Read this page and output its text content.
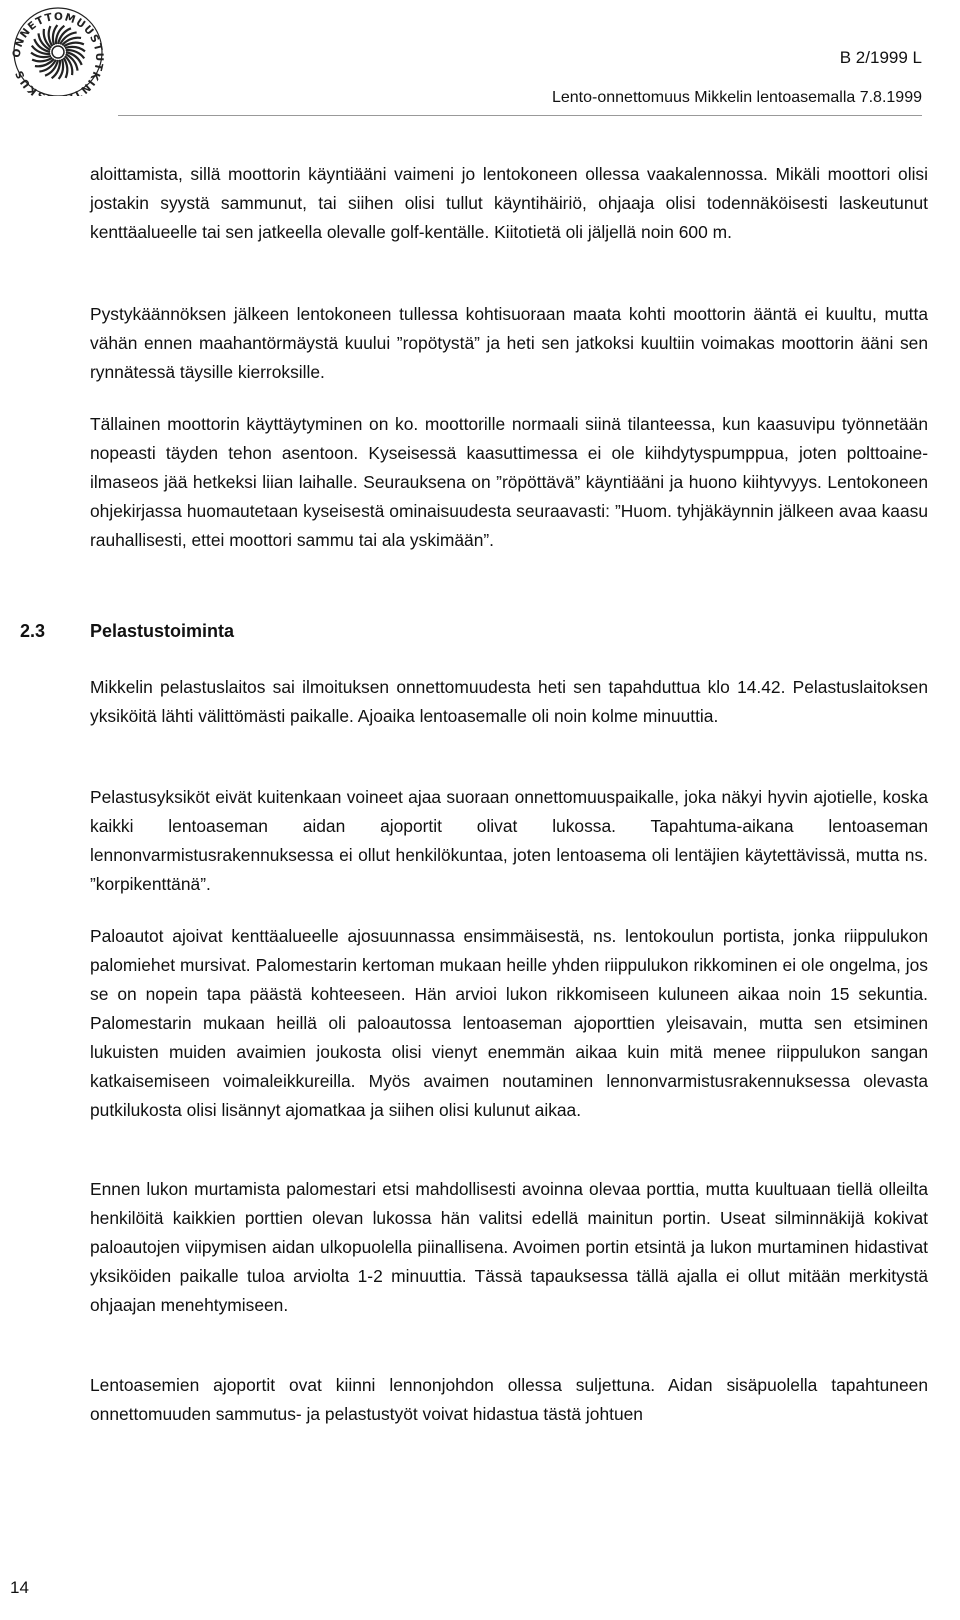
ONNETTOMUUSTUTKINT SKUS
B 2/1999 L
Lento-onnettomuus Mikkelin lentoasemalla 7.8.1999

aloittamista, sillä moottorin käyntiääni vaimeni jo lentokoneen ollessa vaakalennossa. Mikäli moottori olisi jostakin syystä sammunut, tai siihen olisi tullut käyntihäiriö, ohjaaja olisi todennäköisesti laskeutunut kenttäalueelle tai sen jatkeella olevalle golf-kentälle. Kiitotietä oli jäljellä noin 600 m.

Pystykäännöksen jälkeen lentokoneen tullessa kohtisuoraan maata kohti moottorin ääntä ei kuultu, mutta vähän ennen maahantörmäystä kuului ”ropötystä” ja heti sen jatkoksi kuultiin voimakas moottorin ääni sen rynnätessä täysille kierroksille.

Tällainen moottorin käyttäytyminen on ko. moottorille normaali siinä tilanteessa, kun kaasuvipu työnnetään nopeasti täyden tehon asentoon. Kyseisessä kaasuttimessa ei ole kiihdytyspumppua, joten polttoaine-ilmaseos jää hetkeksi liian laihalle. Seurauksena on ”röpöttävä” käyntiääni ja huono kiihtyvyys. Lentokoneen ohjekirjassa huomautetaan kyseisestä ominaisuudesta seuraavasti: ”Huom. tyhjäkäynnin jälkeen avaa kaasu rauhallisesti, ettei moottori sammu tai ala yskimään”.

2.3 Pelastustoiminta

Mikkelin pelastuslaitos sai ilmoituksen onnettomuudesta heti sen tapahduttua klo 14.42. Pelastuslaitoksen yksiköitä lähti välittömästi paikalle. Ajoaika lentoasemalle oli noin kolme minuuttia.

Pelastusyksiköt eivät kuitenkaan voineet ajaa suoraan onnettomuuspaikalle, joka näkyi hyvin ajotielle, koska kaikki lentoaseman aidan ajoportit olivat lukossa. Tapahtuma-aikana lentoaseman lennonvarmistusrakennuksessa ei ollut henkilökuntaa, joten lentoasema oli lentäjien käytettävissä, mutta ns. ”korpikenttänä”.

Paloautot ajoivat kenttäalueelle ajosuunnassa ensimmäisestä, ns. lentokoulun portista, jonka riippulukon palomiehet mursivat. Palomestarin kertoman mukaan heille yhden riippulukon rikkominen ei ole ongelma, jos se on nopein tapa päästä kohteeseen. Hän arvioi lukon rikkomiseen kuluneen aikaa noin 15 sekuntia. Palomestarin mukaan heillä oli paloautossa lentoaseman ajoporttien yleisavain, mutta sen etsiminen lukuisten muiden avaimien joukosta olisi vienyt enemmän aikaa kuin mitä menee riippulukon sangan katkaisemiseen voimaleikkureilla. Myös avaimen noutaminen lennonvarmistusrakennuksessa olevasta putkilukosta olisi lisännyt ajomatkaa ja siihen olisi kulunut aikaa.

Ennen lukon murtamista palomestari etsi mahdollisesti avoinna olevaa porttia, mutta kuultuaan tiellä olleilta henkilöitä kaikkien porttien olevan lukossa hän valitsi edellä mainitun portin. Useat silminnäkijä kokivat paloautojen viipymisen aidan ulkopuolella piinallisena. Avoimen portin etsintä ja lukon murtaminen hidastivat yksiköiden paikalle tuloa arviolta 1-2 minuuttia. Tässä tapauksessa tällä ajalla ei ollut mitään merkitystä ohjaajan menehtymiseen.

Lentoasemien ajoportit ovat kiinni lennonjohdon ollessa suljettuna. Aidan sisäpuolella tapahtuneen onnettomuuden sammutus- ja pelastustyöt voivat hidastua tästä johtuen

14
